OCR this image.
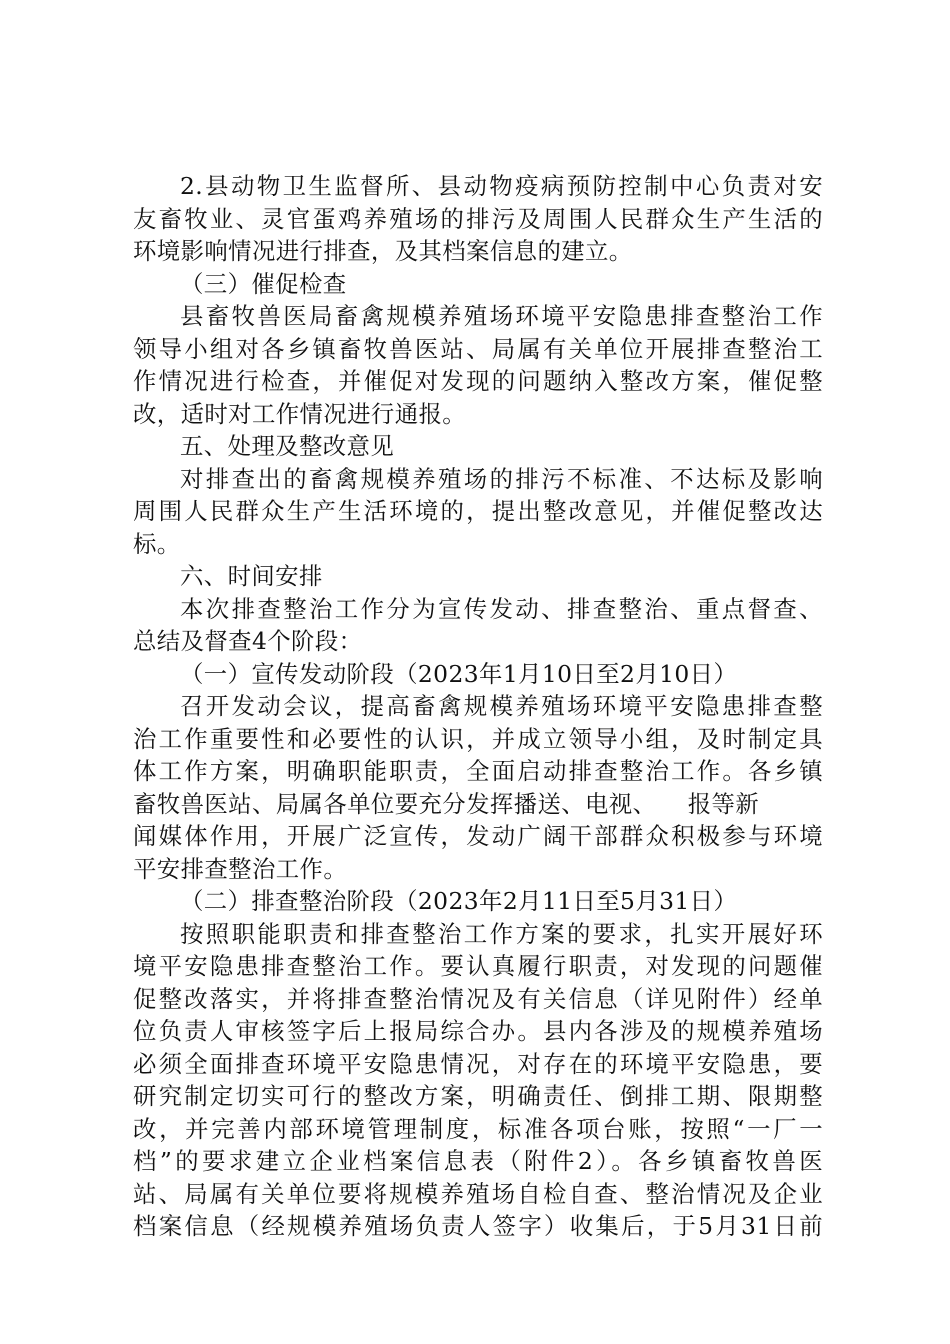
2.县动物卫生监督所、县动物疫病预防控制中心负责对安
友畜牧业、灵官蛋鸡养殖场的排污及周围人民群众生产生活的
环境影响情况进行排查，及其档案信息的建立。
（三）催促检查
县畜牧兽医局畜禽规模养殖场环境平安隐患排查整治工作
领导小组对各乡镇畜牧兽医站、局属有关单位开展排查整治工
作情况进行检查，并催促对发现的问题纳入整改方案，催促整
改，适时对工作情况进行通报。
五、处理及整改意见
对排查出的畜禽规模养殖场的排污不标准、不达标及影响
周围人民群众生产生活环境的，提出整改意见，并催促整改达
标。
六、时间安排
本次排查整治工作分为宣传发动、排查整治、重点督查、
总结及督查4个阶段：
（一）宣传发动阶段（2023年1月10日至2月10日）
召开发动会议，提高畜禽规模养殖场环境平安隐患排查整
治工作重要性和必要性的认识，并成立领导小组，及时制定具
体工作方案，明确职能职责，全面启动排查整治工作。各乡镇
畜牧兽医站、局属各单位要充分发挥播送、电视、    报等新
闻媒体作用，开展广泛宣传，发动广阔干部群众积极参与环境
平安排查整治工作。
（二）排查整治阶段（2023年2月11日至5月31日）
按照职能职责和排查整治工作方案的要求，扎实开展好环
境平安隐患排查整治工作。要认真履行职责，对发现的问题催
促整改落实，并将排查整治情况及有关信息（详见附件）经单
位负责人审核签字后上报局综合办。县内各涉及的规模养殖场
必须全面排查环境平安隐患情况，对存在的环境平安隐患，要
研究制定切实可行的整改方案，明确责任、倒排工期、限期整
改，并完善内部环境管理制度，标准各项台账，按照“一厂一
档”的要求建立企业档案信息表（附件2）。各乡镇畜牧兽医
站、局属有关单位要将规模养殖场自检自查、整治情况及企业
档案信息（经规模养殖场负责人签字）收集后，于5月31日前
